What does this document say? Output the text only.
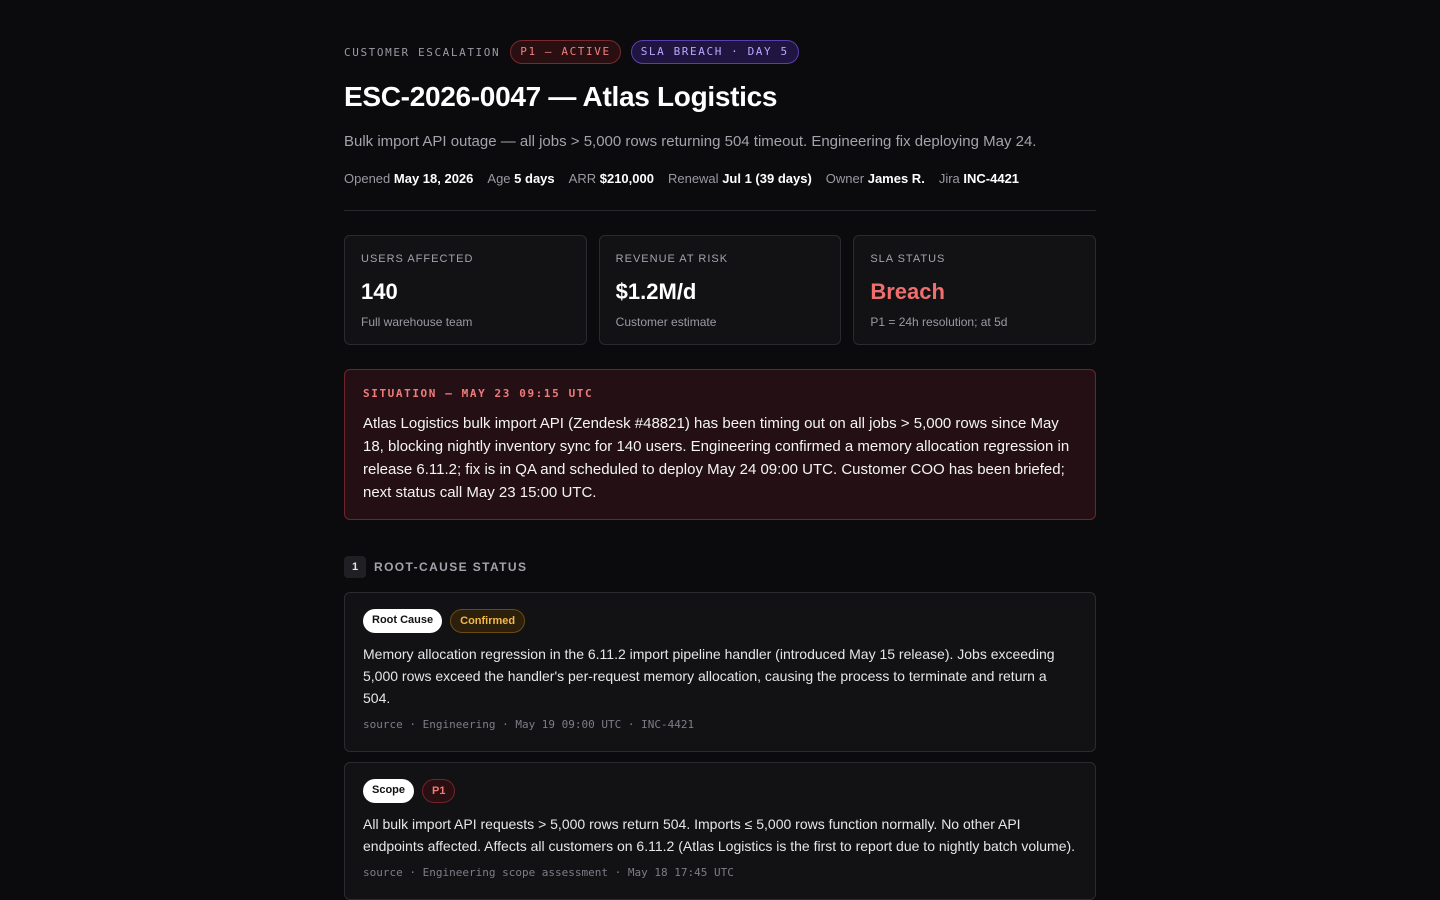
CUSTOMER ESCALATION	P1 — ACTIVE	SLA BREACH · DAY 5
ESC-2026-0047 — Atlas Logistics
Bulk import API outage — all jobs > 5,000 rows returning 504 timeout. Engineering fix deploying May 24.
Opened May 18, 2026 Age 5 days ARR $210,000 Renewal Jul 1 (39 days) Owner James R. Jira INC-4421
USERS AFFECTED
140
Full warehouse team
REVENUE AT RISK
$1.2M/d
Customer estimate
SLA STATUS
Breach
P1 = 24h resolution; at 5d
SITUATION — MAY 23 09:15 UTC
Atlas Logistics bulk import API (Zendesk #48821) has been timing out on all jobs > 5,000 rows since May 18, blocking nightly inventory sync for 140 users. Engineering confirmed a memory allocation regression in release 6.11.2; fix is in QA and scheduled to deploy May 24 09:00 UTC. Customer COO has been briefed; next status call May 23 15:00 UTC.
1	ROOT-CAUSE STATUS
Root Cause	Confirmed
Memory allocation regression in the 6.11.2 import pipeline handler (introduced May 15 release). Jobs exceeding 5,000 rows exceed the handler's per-request memory allocation, causing the process to terminate and return a 504.
source · Engineering · May 19 09:00 UTC · INC-4421
Scope	P1
All bulk import API requests > 5,000 rows return 504. Imports ≤ 5,000 rows function normally. No other API endpoints affected. Affects all customers on 6.11.2 (Atlas Logistics is the first to report due to nightly batch volume).
source · Engineering scope assessment · May 18 17:45 UTC
